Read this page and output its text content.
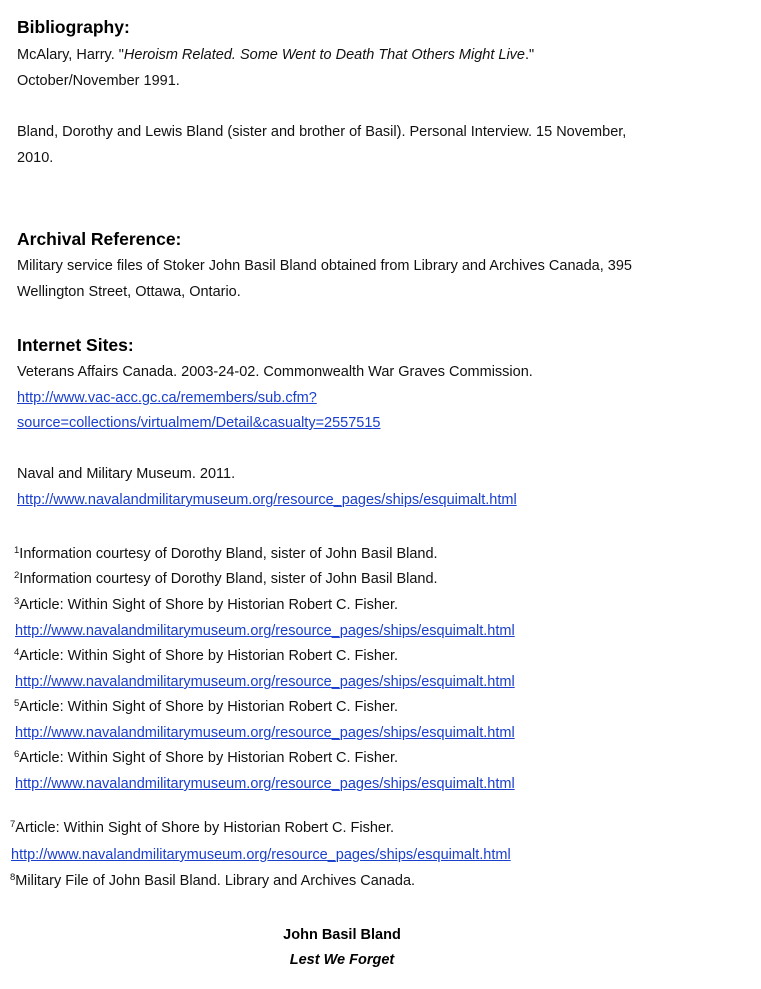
Bibliography:
McAlary, Harry. "Heroism Related. Some Went to Death That Others Might Live."
October/November 1991.
Bland, Dorothy and Lewis Bland (sister and brother of Basil). Personal Interview. 15 November,
2010.
Archival Reference:
Military service files of Stoker John Basil Bland obtained from Library and Archives Canada, 395
Wellington Street, Ottawa, Ontario.
Internet Sites:
Veterans Affairs Canada. 2003-24-02. Commonwealth War Graves Commission.
http://www.vac-acc.gc.ca/remembers/sub.cfm?
source=collections/virtualmem/Detail&casualty=2557515
Naval and Military Museum. 2011.
http://www.navalandmilitarymuseum.org/resource_pages/ships/esquimalt.html
$^1$Information courtesy of Dorothy Bland, sister of John Basil Bland.
$^2$Information courtesy of Dorothy Bland, sister of John Basil Bland.
$^3$Article: Within Sight of Shore by Historian Robert C. Fisher.
http://www.navalandmilitarymuseum.org/resource_pages/ships/esquimalt.html
$^4$Article: Within Sight of Shore by Historian Robert C. Fisher.
http://www.navalandmilitarymuseum.org/resource_pages/ships/esquimalt.html
$^5$Article: Within Sight of Shore by Historian Robert C. Fisher.
http://www.navalandmilitarymuseum.org/resource_pages/ships/esquimalt.html
$^6$Article: Within Sight of Shore by Historian Robert C. Fisher.
http://www.navalandmilitarymuseum.org/resource_pages/ships/esquimalt.html
$^7$Article: Within Sight of Shore by Historian Robert C. Fisher.
http://www.navalandmilitarymuseum.org/resource_pages/ships/esquimalt.html
$^8$Military File of John Basil Bland. Library and Archives Canada.
John Basil Bland
Lest We Forget
